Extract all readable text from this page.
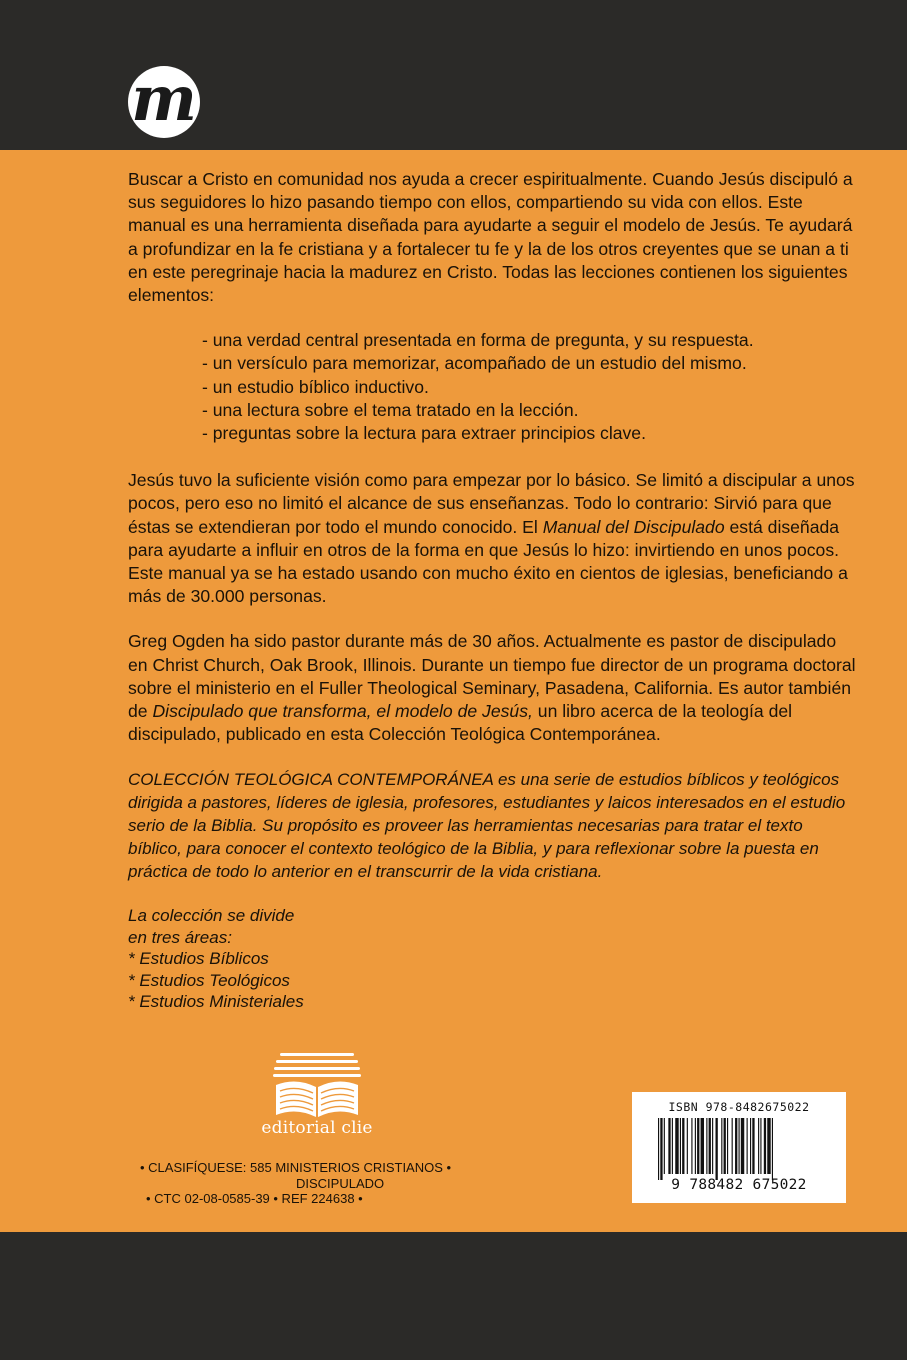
m

Buscar a Cristo en comunidad nos ayuda a crecer espiritualmente. Cuando Jesús discipuló a sus seguidores lo hizo pasando tiempo con ellos, compartiendo su vida con ellos. Este manual es una herramienta diseñada para ayudarte a seguir el modelo de Jesús. Te ayudará a profundizar en la fe cristiana y a fortalecer tu fe y la de los otros creyentes que se unan a ti en este peregrinaje hacia la madurez en Cristo. Todas las lecciones contienen los siguientes elementos:

- una verdad central presentada en forma de pregunta, y su respuesta.
- un versículo para memorizar, acompañado de un estudio del mismo.
- un estudio bíblico inductivo.
- una lectura sobre el tema tratado en la lección.
- preguntas sobre la lectura para extraer principios clave.

Jesús tuvo la suficiente visión como para empezar por lo básico. Se limitó a discipular a unos pocos, pero eso no limitó el alcance de sus enseñanzas. Todo lo contrario: Sirvió para que éstas se extendieran por todo el mundo conocido. El Manual del Discipulado está diseñada para ayudarte a influir en otros de la forma en que Jesús lo hizo: invirtiendo en unos pocos. Este manual ya se ha estado usando con mucho éxito en cientos de iglesias, beneficiando a más de 30.000 personas.

Greg Ogden ha sido pastor durante más de 30 años. Actualmente es pastor de discipulado en Christ Church, Oak Brook, Illinois. Durante un tiempo fue director de un programa doctoral sobre el ministerio en el Fuller Theological Seminary, Pasadena, California. Es autor también de Discipulado que transforma, el modelo de Jesús, un libro acerca de la teología del discipulado, publicado en esta Colección Teológica Contemporánea.

COLECCIÓN TEOLÓGICA CONTEMPORÁNEA es una serie de estudios bíblicos y teológicos dirigida a pastores, líderes de iglesia, profesores, estudiantes y laicos interesados en el estudio serio de la Biblia. Su propósito es proveer las herramientas necesarias para tratar el texto bíblico, para conocer el contexto teológico de la Biblia, y para reflexionar sobre la puesta en práctica de todo lo anterior en el transcurrir de la vida cristiana.

La colección se divide
en tres áreas:
* Estudios Bíblicos
* Estudios Teológicos
* Estudios Ministeriales
editorial clie
• CLASIFÍQUESE: 585 MINISTERIOS CRISTIANOS •
DISCIPULADO
• CTC 02-08-0585-39 • REF 224638 •
ISBN 978-8482675022
9 788482 675022
